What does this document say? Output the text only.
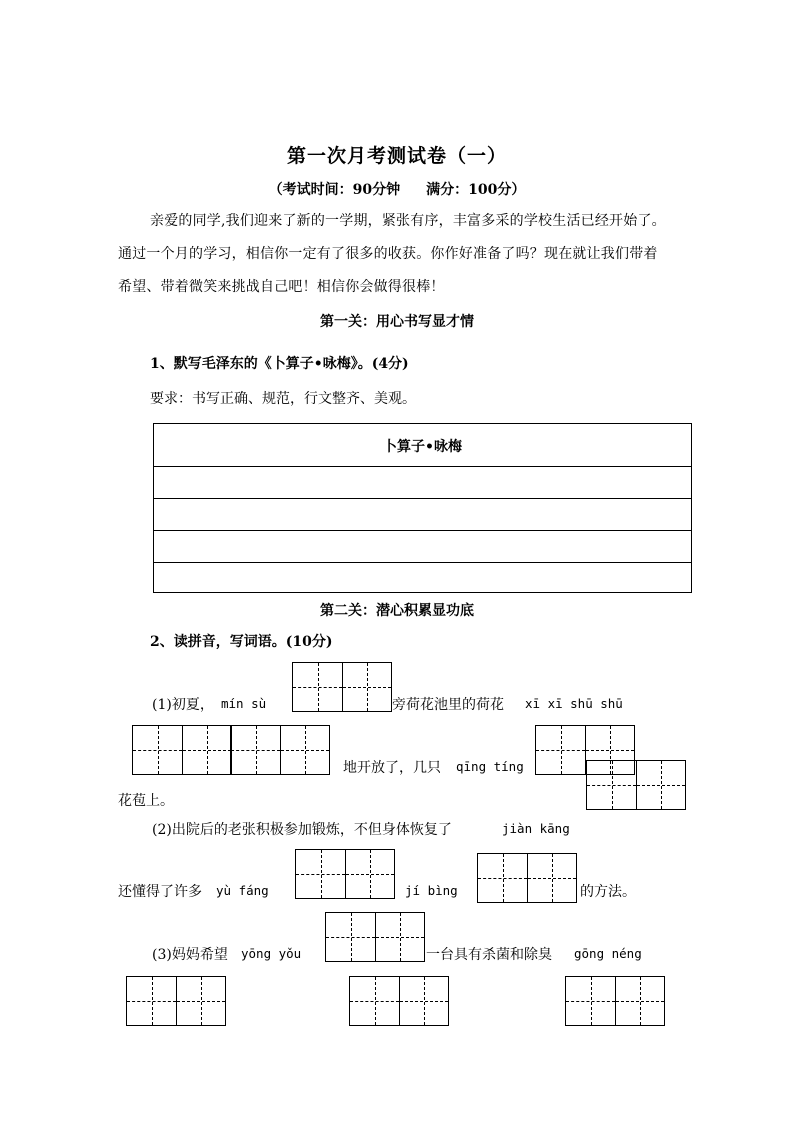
第一次月考测试卷（一）
（考试时间：90分钟 满分：100分）
亲爱的同学,我们迎来了新的一学期，紧张有序，丰富多采的学校生活已经开始了。
通过一个月的学习，相信你一定有了很多的收获。你作好准备了吗？现在就让我们带着
希望、带着微笑来挑战自己吧！相信你会做得很棒！
第一关：用心书写显才情
1、默写毛泽东的《卜算子•咏梅》。(4分)
要求：书写正确、规范，行文整齐、美观。
卜算子•咏梅
第二关：潜心积累显功底
2、读拼音，写词语。(10分)
(1)初夏， mín sù	旁荷花池里的荷花 xī xī shū shū
地开放了，几只 qīng tíng
花苞上。
(2)出院后的老张积极参加锻炼，不但身体恢复了	jiàn kāng
还懂得了许多 yù fáng	jí bìng	的方法。
(3)妈妈希望 yōng yǒu	一台具有杀菌和除臭 gōng néng
